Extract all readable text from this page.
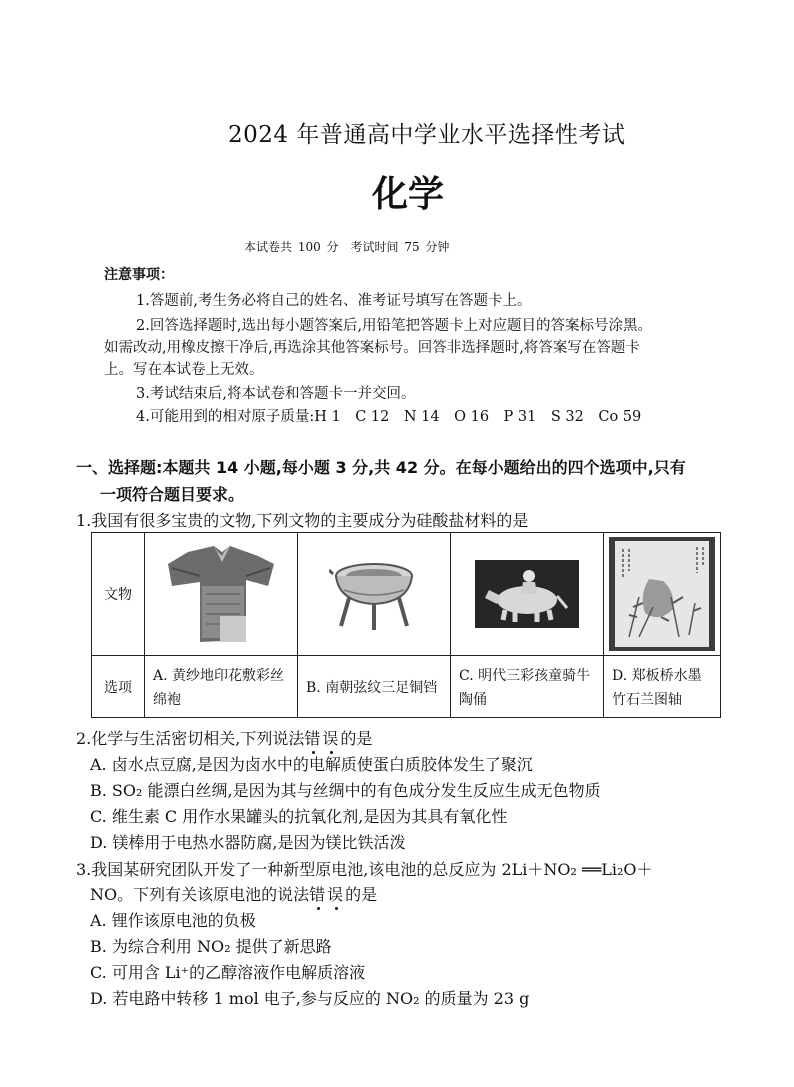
2024 年普通高中学业水平选择性考试
化学
本试卷共 100 分　考试时间 75 分钟
注意事项：
1.答题前,考生务必将自己的姓名、准考证号填写在答题卡上。
2.回答选择题时,选出每小题答案后,用铅笔把答题卡上对应题目的答案标号涂黑。
如需改动,用橡皮擦干净后,再选涂其他答案标号。回答非选择题时,将答案写在答题卡
上。写在本试卷上无效。
3.考试结束后,将本试卷和答题卡一并交回。
4.可能用到的相对原子质量:H 1　C 12　N 14　O 16　P 31　S 32　Co 59
一、选择题:本题共 14 小题,每小题 3 分,共 42 分。在每小题给出的四个选项中,只有
一项符合题目要求。
1.我国有很多宝贵的文物,下列文物的主要成分为硅酸盐材料的是
文物				
选项	A. 黄纱地印花敷彩丝绵袍	B. 南朝弦纹三足铜铛	C. 明代三彩孩童骑牛陶俑	D. 郑板桥水墨竹石兰图轴
2.化学与生活密切相关,下列说法错误的是
A. 卤水点豆腐,是因为卤水中的电解质使蛋白质胶体发生了聚沉
B. SO₂ 能漂白丝绸,是因为其与丝绸中的有色成分发生反应生成无色物质
C. 维生素 C 用作水果罐头的抗氧化剂,是因为其具有氧化性
D. 镁棒用于电热水器防腐,是因为镁比铁活泼
3.我国某研究团队开发了一种新型原电池,该电池的总反应为 2Li＋NO₂ ══Li₂O＋
NO。下列有关该原电池的说法错误的是
A. 锂作该原电池的负极
B. 为综合利用 NO₂ 提供了新思路
C. 可用含 Li⁺的乙醇溶液作电解质溶液
D. 若电路中转移 1 mol 电子,参与反应的 NO₂ 的质量为 23 g
